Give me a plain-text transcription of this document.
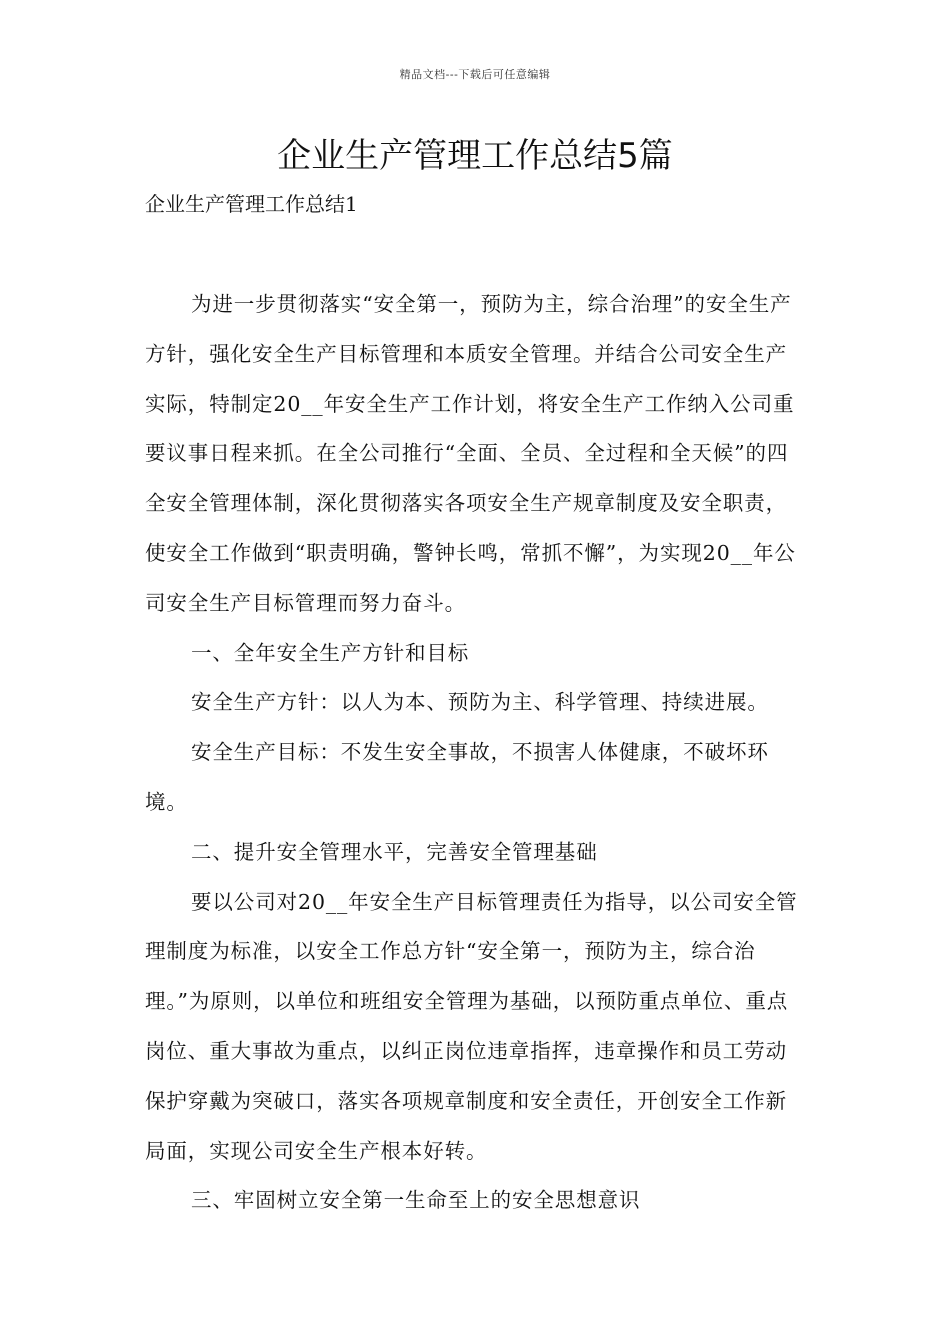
精品文档---下载后可任意编辑
企业生产管理工作总结5篇
企业生产管理工作总结1

为进一步贯彻落实“安全第一，预防为主，综合治理”的安全生产方针，强化安全生产目标管理和本质安全管理。并结合公司安全生产实际，特制定20__年安全生产工作计划，将安全生产工作纳入公司重要议事日程来抓。在全公司推行“全面、全员、全过程和全天候”的四全安全管理体制，深化贯彻落实各项安全生产规章制度及安全职责，使安全工作做到“职责明确，警钟长鸣，常抓不懈”，为实现20__年公司安全生产目标管理而努力奋斗。

一、全年安全生产方针和目标

安全生产方针：以人为本、预防为主、科学管理、持续进展。

安全生产目标：不发生安全事故，不损害人体健康，不破坏环境。

二、提升安全管理水平，完善安全管理基础

要以公司对20__年安全生产目标管理责任为指导，以公司安全管理制度为标准，以安全工作总方针“安全第一，预防为主，综合治理。”为原则，以单位和班组安全管理为基础，以预防重点单位、重点岗位、重大事故为重点，以纠正岗位违章指挥，违章操作和员工劳动保护穿戴为突破口，落实各项规章制度和安全责任，开创安全工作新局面，实现公司安全生产根本好转。

三、牢固树立安全第一生命至上的安全思想意识
